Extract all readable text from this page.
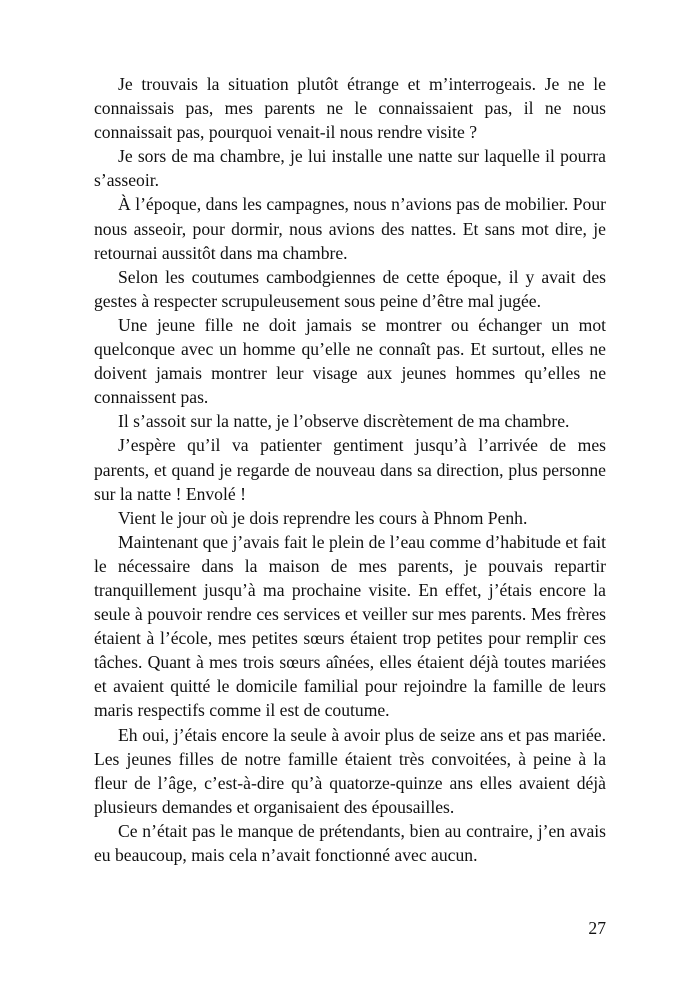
Je trouvais la situation plutôt étrange et m’interrogeais. Je ne le connaissais pas, mes parents ne le connaissaient pas, il ne nous connaissait pas, pourquoi venait-il nous rendre visite ?

Je sors de ma chambre, je lui installe une natte sur laquelle il pourra s’asseoir.

À l’époque, dans les campagnes, nous n’avions pas de mobilier. Pour nous asseoir, pour dormir, nous avions des nattes. Et sans mot dire, je retournai aussitôt dans ma chambre.

Selon les coutumes cambodgiennes de cette époque, il y avait des gestes à respecter scrupuleusement sous peine d’être mal jugée.

Une jeune fille ne doit jamais se montrer ou échanger un mot quelconque avec un homme qu’elle ne connaît pas. Et surtout, elles ne doivent jamais montrer leur visage aux jeunes hommes qu’elles ne connaissent pas.

Il s’assoit sur la natte, je l’observe discrètement de ma chambre.

J’espère qu’il va patienter gentiment jusqu’à l’arrivée de mes parents, et quand je regarde de nouveau dans sa direction, plus personne sur la natte ! Envolé !

Vient le jour où je dois reprendre les cours à Phnom Penh.

Maintenant que j’avais fait le plein de l’eau comme d’habitude et fait le nécessaire dans la maison de mes parents, je pouvais repartir tranquillement jusqu’à ma prochaine visite. En effet, j’étais encore la seule à pouvoir rendre ces services et veiller sur mes parents. Mes frères étaient à l’école, mes petites sœurs étaient trop petites pour remplir ces tâches. Quant à mes trois sœurs aînées, elles étaient déjà toutes mariées et avaient quitté le domicile familial pour rejoindre la famille de leurs maris respectifs comme il est de coutume.

Eh oui, j’étais encore la seule à avoir plus de seize ans et pas mariée. Les jeunes filles de notre famille étaient très convoitées, à peine à la fleur de l’âge, c’est-à-dire qu’à quatorze-quinze ans elles avaient déjà plusieurs demandes et organisaient des épousailles.

Ce n’était pas le manque de prétendants, bien au contraire, j’en avais eu beaucoup, mais cela n’avait fonctionné avec aucun.

27
